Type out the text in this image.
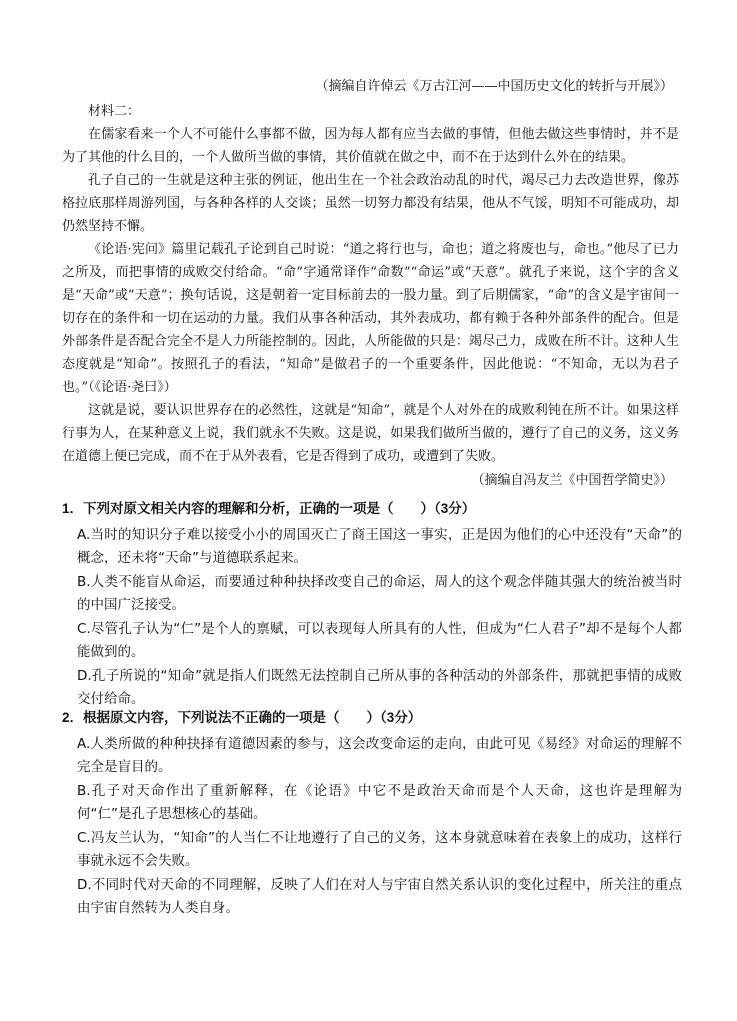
（摘编自许倬云《万古江河——中国历史文化的转折与开展》）

材料二：

在儒家看来一个人不可能什么事都不做，因为每人都有应当去做的事情，但他去做这些事情时，并不是为了其他的什么目的，一个人做所当做的事情，其价值就在做之中，而不在于达到什么外在的结果。

孔子自己的一生就是这种主张的例证，他出生在一个社会政治动乱的时代，竭尽己力去改造世界，像苏格拉底那样周游列国，与各种各样的人交谈；虽然一切努力都没有结果，他从不气馁，明知不可能成功，却仍然坚持不懈。

《论语·宪问》篇里记载孔子论到自己时说：“道之将行也与，命也；道之将废也与，命也。”他尽了已力之所及，而把事情的成败交付给命。“命”字通常译作“命数”“命运”或“天意”。就孔子来说，这个字的含义是“天命”或“天意”；换句话说，这是朝着一定目标前去的一股力量。到了后期儒家，“命”的含义是宇宙间一切存在的条件和一切在运动的力量。我们从事各种活动，其外表成功，都有赖于各种外部条件的配合。但是外部条件是否配合完全不是人力所能控制的。因此，人所能做的只是：竭尽己力，成败在所不计。这种人生态度就是“知命”。按照孔子的看法，“知命”是做君子的一个重要条件，因此他说：“不知命，无以为君子也。”（《论语·尧曰》）

这就是说，要认识世界存在的必然性，这就是“知命”，就是个人对外在的成败利钝在所不计。如果这样行事为人，在某种意义上说，我们就永不失败。这是说，如果我们做所当做的，遵行了自己的义务，这义务在道德上便已完成，而不在于从外表看，它是否得到了成功，或遭到了失败。

（摘编自冯友兰《中国哲学简史》）
1．下列对原文相关内容的理解和分析，正确的一项是（　　）（3分）
A.当时的知识分子难以接受小小的周国灭亡了商王国这一事实，正是因为他们的心中还没有“天命”的概念，还未将“天命”与道德联系起来。
B.人类不能盲从命运，而要通过种种抉择改变自己的命运，周人的这个观念伴随其强大的统治被当时的中国广泛接受。
C.尽管孔子认为“仁”是个人的禀赋，可以表现每人所具有的人性，但成为“仁人君子”却不是每个人都能做到的。
D.孔子所说的“知命”就是指人们既然无法控制自己所从事的各种活动的外部条件，那就把事情的成败交付给命。
2．根据原文内容，下列说法不正确的一项是（　　）（3分）
A.人类所做的种种抉择有道德因素的参与，这会改变命运的走向，由此可见《易经》对命运的理解不完全是盲目的。
B.孔子对天命作出了重新解释，在《论语》中它不是政治天命而是个人天命，这也许是理解为何“仁”是孔子思想核心的基础。
C.冯友兰认为，“知命”的人当仁不让地遵行了自己的义务，这本身就意味着在表象上的成功，这样行事就永远不会失败。
D.不同时代对天命的不同理解，反映了人们在对人与宇宙自然关系认识的变化过程中，所关注的重点由宇宙自然转为人类自身。
